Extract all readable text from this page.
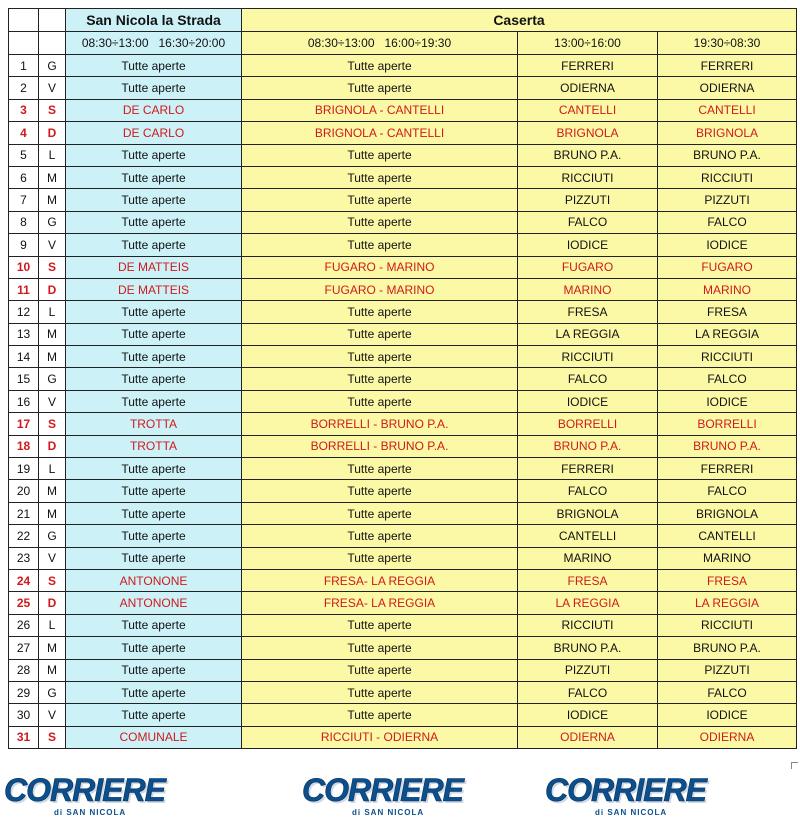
		San Nicola la Strada	Caserta		
		08:30÷13:00   16:30÷20:00	08:30÷13:00   16:00÷19:30	13:00÷16:00	19:30÷08:30
1	G	Tutte aperte	Tutte aperte	FERRERI	FERRERI
2	V	Tutte aperte	Tutte aperte	ODIERNA	ODIERNA
3	S	DE CARLO	BRIGNOLA - CANTELLI	CANTELLI	CANTELLI
4	D	DE CARLO	BRIGNOLA - CANTELLI	BRIGNOLA	BRIGNOLA
5	L	Tutte aperte	Tutte aperte	BRUNO P.A.	BRUNO P.A.
6	M	Tutte aperte	Tutte aperte	RICCIUTI	RICCIUTI
7	M	Tutte aperte	Tutte aperte	PIZZUTI	PIZZUTI
8	G	Tutte aperte	Tutte aperte	FALCO	FALCO
9	V	Tutte aperte	Tutte aperte	IODICE	IODICE
10	S	DE MATTEIS	FUGARO - MARINO	FUGARO	FUGARO
11	D	DE MATTEIS	FUGARO - MARINO	MARINO	MARINO
12	L	Tutte aperte	Tutte aperte	FRESA	FRESA
13	M	Tutte aperte	Tutte aperte	LA REGGIA	LA REGGIA
14	M	Tutte aperte	Tutte aperte	RICCIUTI	RICCIUTI
15	G	Tutte aperte	Tutte aperte	FALCO	FALCO
16	V	Tutte aperte	Tutte aperte	IODICE	IODICE
17	S	TROTTA	BORRELLI - BRUNO P.A.	BORRELLI	BORRELLI
18	D	TROTTA	BORRELLI - BRUNO P.A.	BRUNO P.A.	BRUNO P.A.
19	L	Tutte aperte	Tutte aperte	FERRERI	FERRERI
20	M	Tutte aperte	Tutte aperte	FALCO	FALCO
21	M	Tutte aperte	Tutte aperte	BRIGNOLA	BRIGNOLA
22	G	Tutte aperte	Tutte aperte	CANTELLI	CANTELLI
23	V	Tutte aperte	Tutte aperte	MARINO	MARINO
24	S	ANTONONE	FRESA- LA REGGIA	FRESA	FRESA
25	D	ANTONONE	FRESA- LA REGGIA	LA REGGIA	LA REGGIA
26	L	Tutte aperte	Tutte aperte	RICCIUTI	RICCIUTI
27	M	Tutte aperte	Tutte aperte	BRUNO P.A.	BRUNO P.A.
28	M	Tutte aperte	Tutte aperte	PIZZUTI	PIZZUTI
29	G	Tutte aperte	Tutte aperte	FALCO	FALCO
30	V	Tutte aperte	Tutte aperte	IODICE	IODICE
31	S	COMUNALE	RICCIUTI - ODIERNA	ODIERNA	ODIERNA
CORRIERE
di SAN NICOLA
CORRIERE
di SAN NICOLA
CORRIERE
di SAN NICOLA
